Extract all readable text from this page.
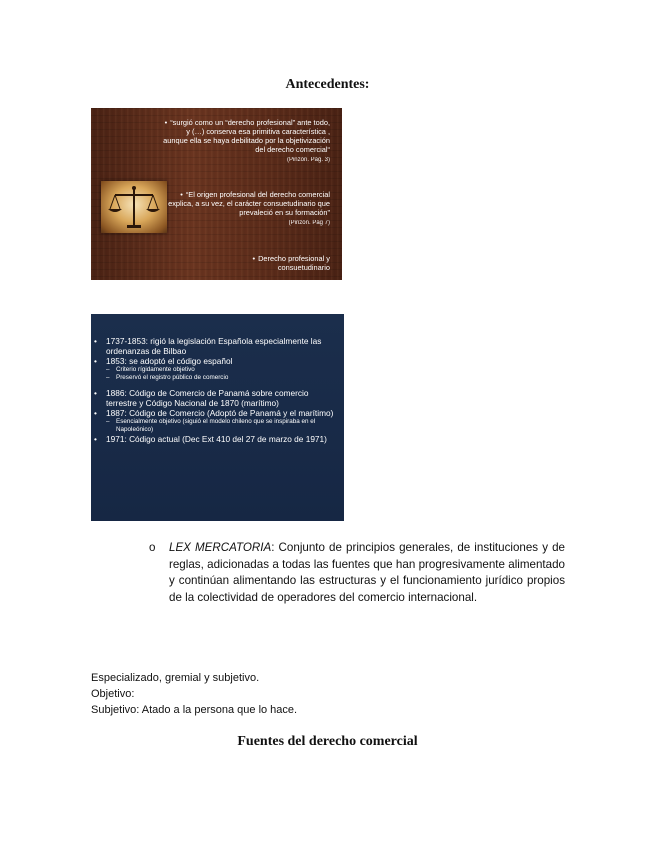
Antecedentes:
• “surgió como un “derecho profesional” ante todo, y (…) conserva esa primitiva característica , aunque ella se haya debilitado por la objetivización del derecho comercial“
(Pinzón. Pág. 3)
• “El origen profesional del derecho comercial explica, a su vez, el carácter consuetudinario que prevaleció en su formación”
(Pinzón. Pág 7)
• Derecho profesional y consuetudinario
•	1737-1853: rigió la legislación Española especialmente las ordenanzas de Bilbao
•	1853: se adoptó el código español
–	Criterio rígidamente objetivo
–	Preservó el registro público de comercio
•	1886: Código de Comercio de Panamá sobre comercio terrestre y Código Nacional de 1870 (marítimo)
•	1887: Código de Comercio (Adoptó de Panamá y el marítimo)
–	Esencialmente objetivo (siguió el modelo chileno que se inspiraba en el Napoleónico)
•	1971: Código actual (Dec Ext 410 del 27 de marzo de 1971)
o LEX MERCATORIA: Conjunto de principios generales, de instituciones y de reglas, adicionadas a todas las fuentes que han progresivamente alimentado y continúan alimentando las estructuras y el funcionamiento jurídico propios de la colectividad de operadores del comercio internacional.
Especializado, gremial y subjetivo.
Objetivo:
Subjetivo: Atado a la persona que lo hace.
Fuentes del derecho comercial
